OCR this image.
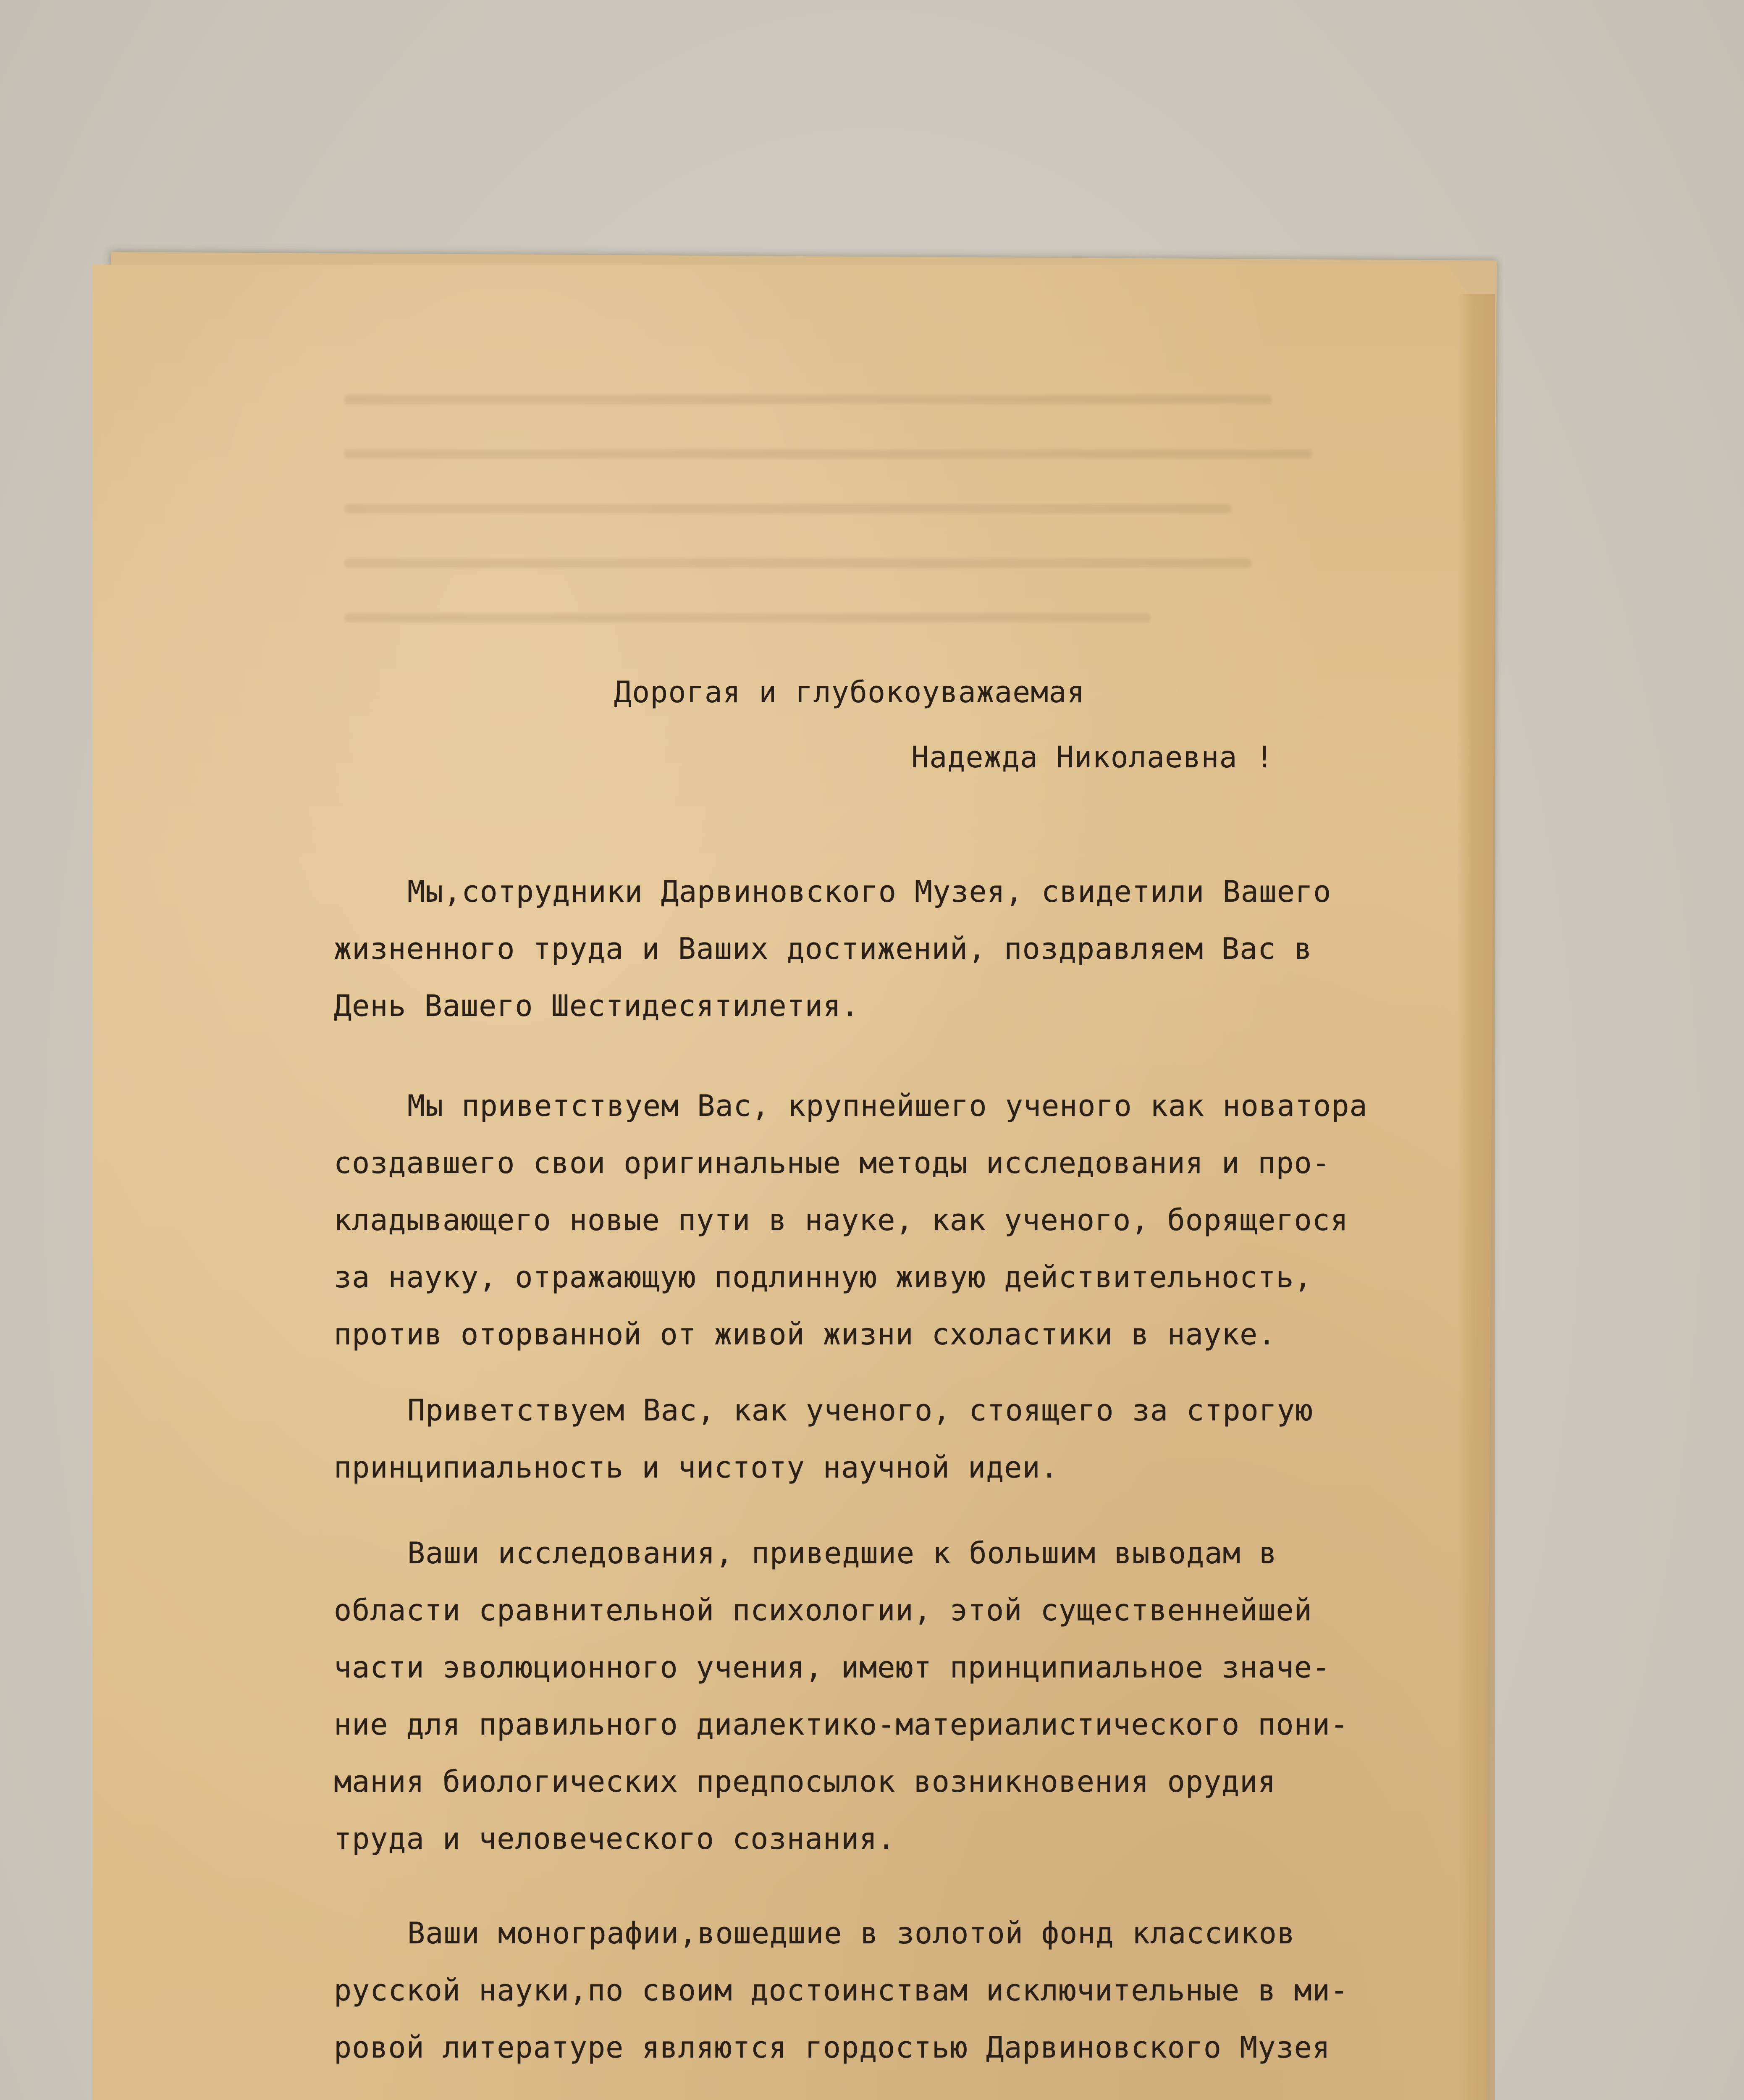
Дорогая и глубокоуважаемая
Надежда Николаевна !
Мы,сотрудники Дарвиновского Музея, свидетили Вашего
жизненного труда и Ваших достижений, поздравляем Вас в
День Вашего Шестидесятилетия.
Мы приветствуем Вас, крупнейшего ученого как новатора
создавшего свои оригинальные методы исследования и про-
кладывающего новые пути в науке, как ученого, борящегося
за науку, отражающую подлинную живую действительность,
против оторванной от живой жизни схоластики в науке.
Приветствуем Вас, как ученого, стоящего за строгую
принципиальность и чистоту научной идеи.
Ваши исследования, приведшие к большим выводам в
области сравнительной психологии, этой существеннейшей
части эволюционного учения, имеют принципиальное значе-
ние для правильного диалектико-материалистического пони-
мания биологических предпосылок возникновения орудия
труда и человеческого сознания.
Ваши монографии,вошедшие в золотой фонд классиков
русской науки,по своим достоинствам исключительные в ми-
ровой литературе являются гордостью Дарвиновского Музея
